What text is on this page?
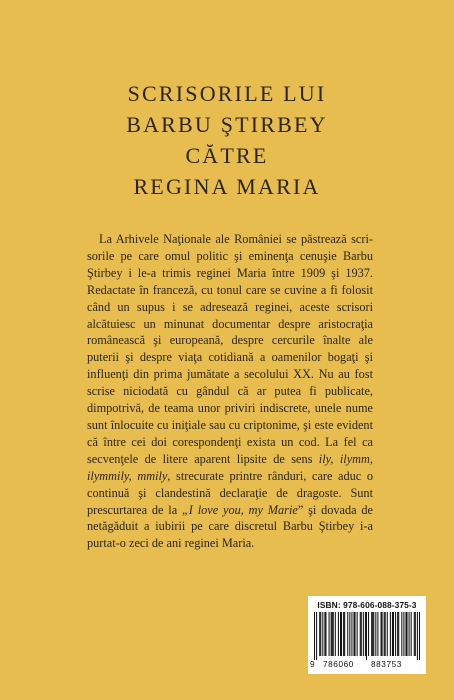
SCRISORILE LUI
BARBU ŞTIRBEY
CĂTRE
REGINA MARIA
La Arhivele Naţionale ale României se păstrează scrisorile pe care omul politic şi eminenţa cenuşie Barbu Ştirbey i le-a trimis reginei Maria între 1909 şi 1937. Redactate în franceză, cu tonul care se cuvine a fi folosit când un supus i se adresează reginei, aceste scrisori alcătuiesc un minunat documentar despre aristocraţia românească şi europeană, despre cercurile înalte ale puterii şi despre viaţa cotidiană a oamenilor bogaţi şi influenţi din prima jumătate a secolului XX. Nu au fost scrise niciodată cu gândul că ar putea fi publicate, dimpotrivă, de teama unor priviri indiscrete, unele nume sunt înlocuite cu iniţiale sau cu criptonime, şi este evident că între cei doi corespondenţi exista un cod. La fel ca secvenţele de litere aparent lipsite de sens ily, ilymm, ilymmily, mmily, strecurate printre rânduri, care aduc o continuă şi clandestină declaraţie de dragoste. Sunt prescurtarea de la „I love you, my Marie” şi dovada de netăgăduit a iubirii pe care discretul Barbu Ştirbey i-a purtat-o zeci de ani reginei Maria.
ISBN: 978-606-088-375-3
9 786060 883753
